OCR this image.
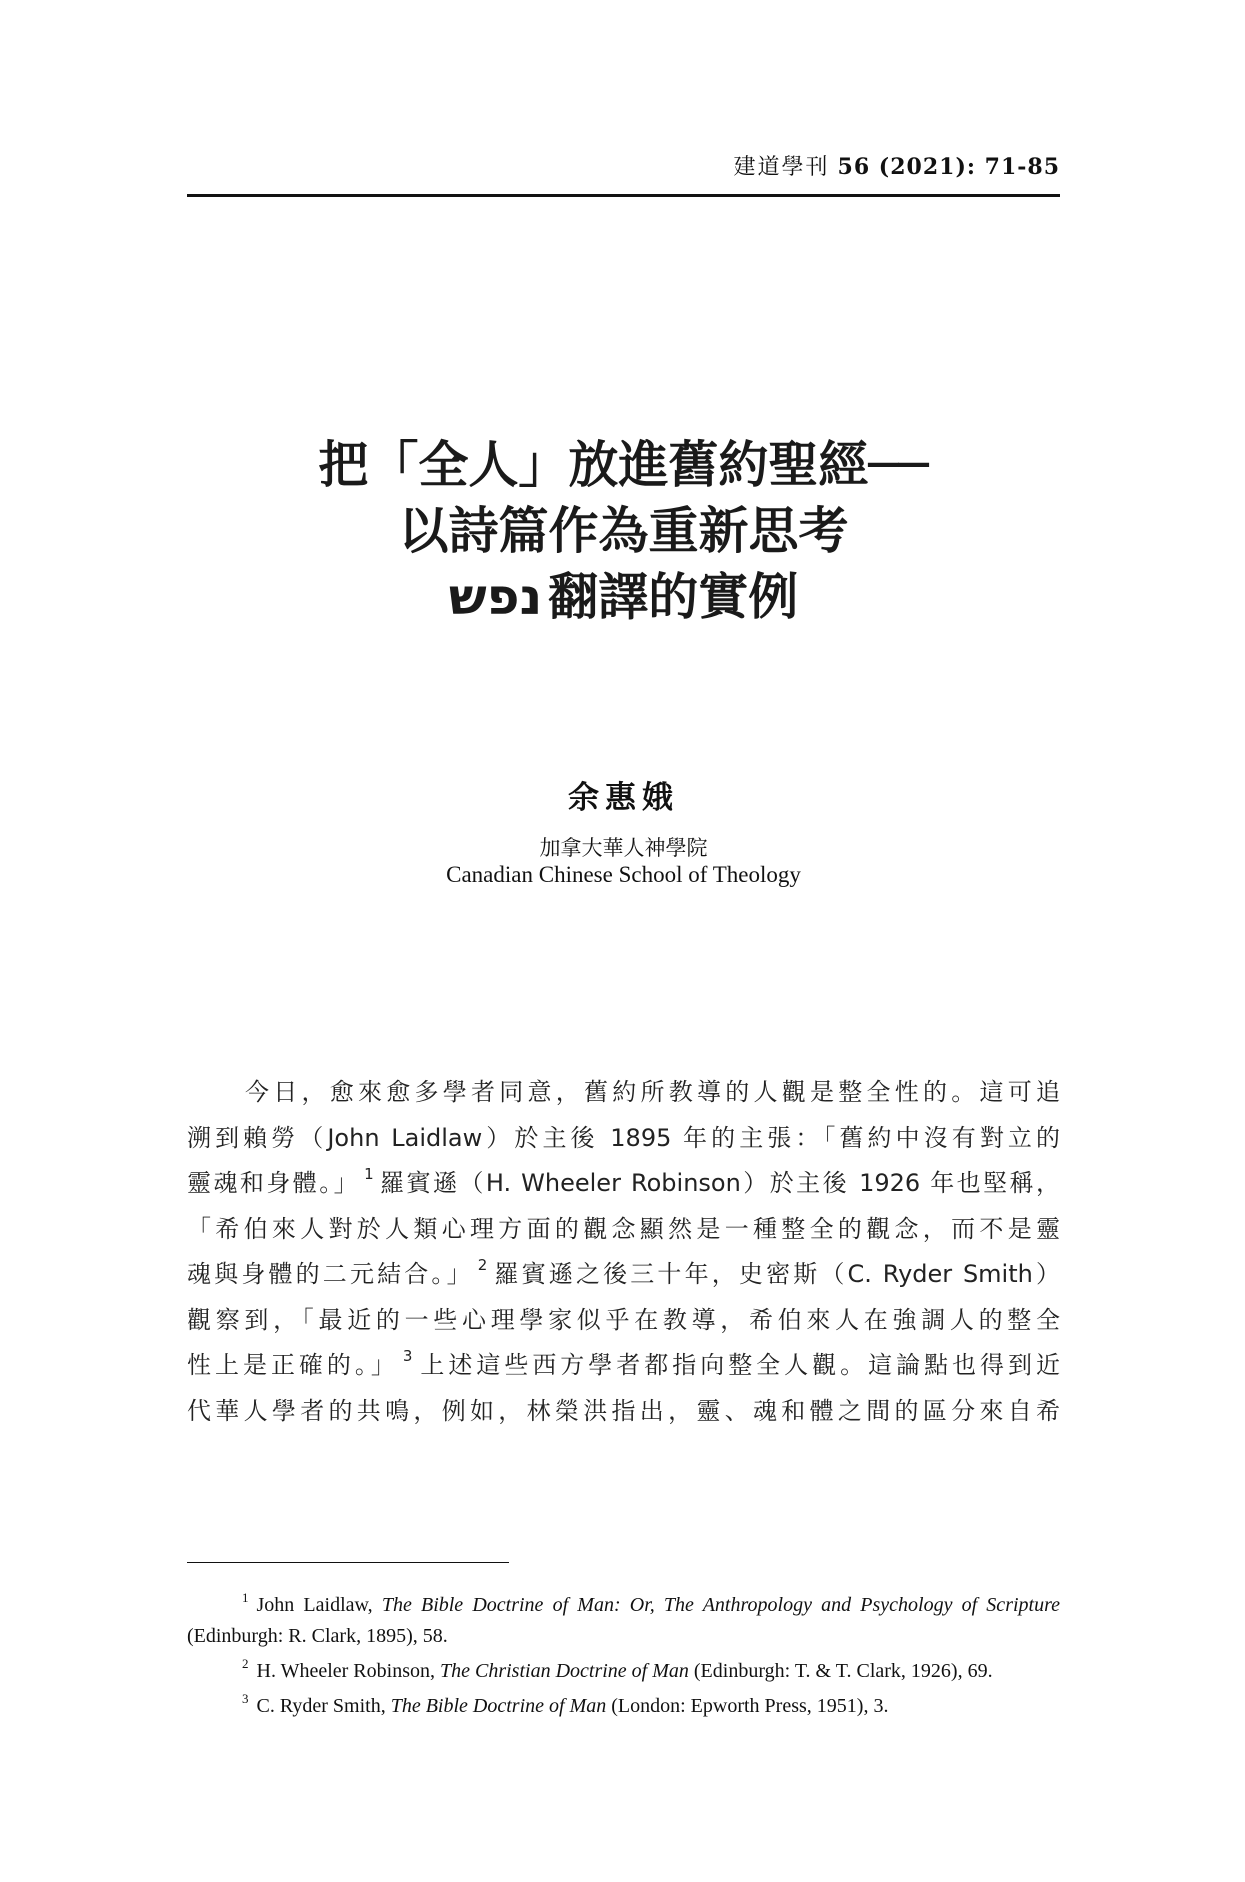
建道學刊 56 (2021): 71-85
把「全人」放進舊約聖經──
以詩篇作為重新思考
נפש 翻譯的實例
余惠娥
加拿大華人神學院
Canadian Chinese School of Theology
今日，愈來愈多學者同意，舊約所教導的人觀是整全性的。這可追
溯到賴勞（John Laidlaw）於主後 1895 年的主張：「舊約中沒有對立的
靈魂和身體。」 $^1$ 羅賓遜（H. Wheeler Robinson）於主後 1926 年也堅稱，
「希伯來人對於人類心理方面的觀念顯然是一種整全的觀念，而不是靈
魂與身體的二元結合。」 $^2$ 羅賓遜之後三十年，史密斯（C. Ryder Smith）
觀察到，「最近的一些心理學家似乎在教導，希伯來人在強調人的整全
性上是正確的。」 $^3$ 上述這些西方學者都指向整全人觀。這論點也得到近
代華人學者的共鳴，例如，林榮洪指出，靈、魂和體之間的區分來自希
$^1$ John Laidlaw, The Bible Doctrine of Man: Or, The Anthropology and Psychology of Scripture (Edinburgh: R. Clark, 1895), 58.
$^2$ H. Wheeler Robinson, The Christian Doctrine of Man (Edinburgh: T. & T. Clark, 1926), 69.
$^3$ C. Ryder Smith, The Bible Doctrine of Man (London: Epworth Press, 1951), 3.
